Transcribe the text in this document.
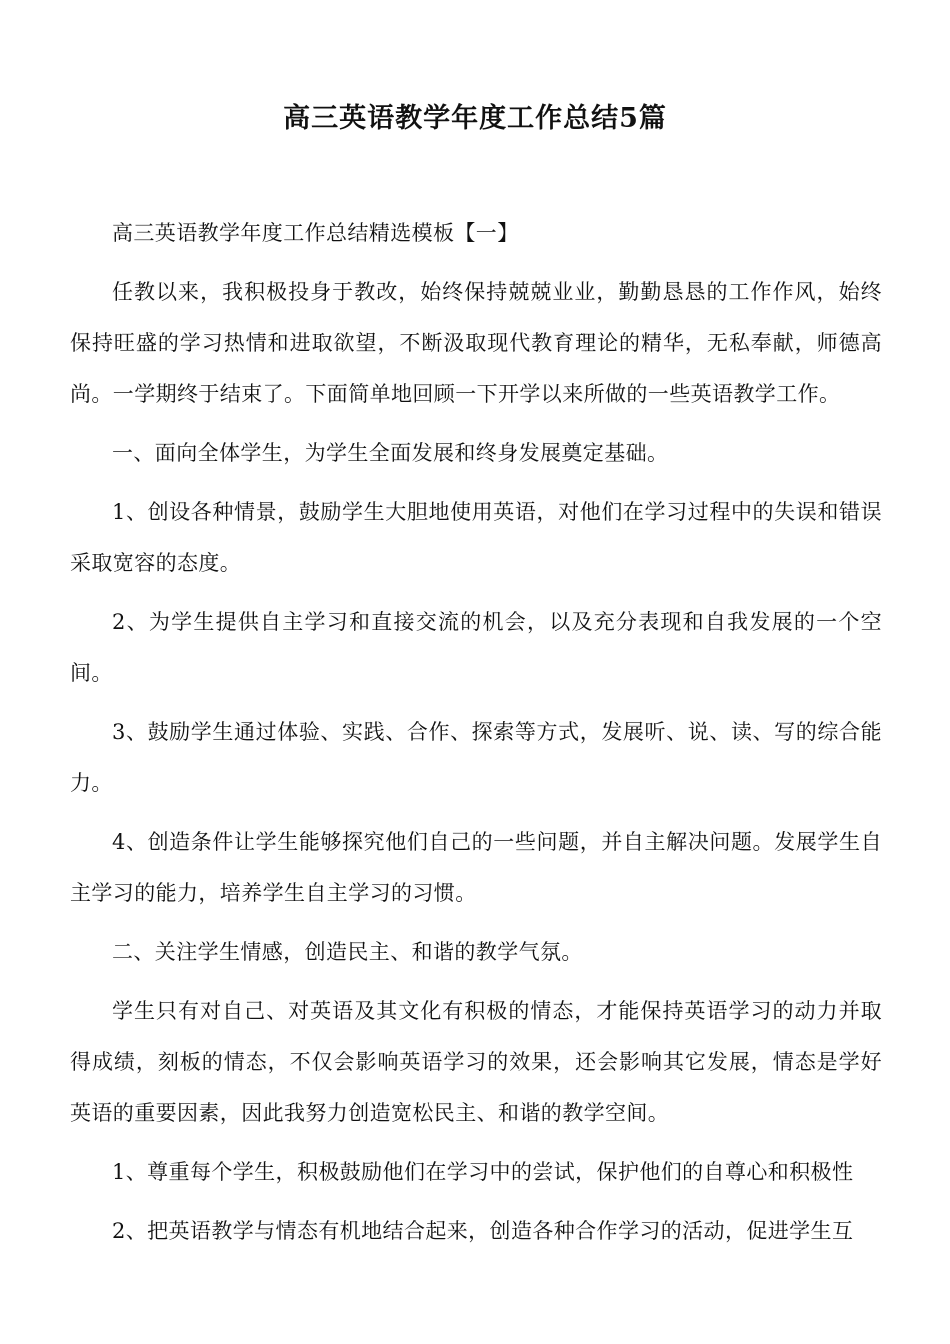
高三英语教学年度工作总结5篇

高三英语教学年度工作总结精选模板【一】

任教以来，我积极投身于教改，始终保持兢兢业业，勤勤恳恳的工作作风，始终保持旺盛的学习热情和进取欲望，不断汲取现代教育理论的精华，无私奉献，师德高尚。一学期终于结束了。下面简单地回顾一下开学以来所做的一些英语教学工作。

一、面向全体学生，为学生全面发展和终身发展奠定基础。

1、创设各种情景，鼓励学生大胆地使用英语，对他们在学习过程中的失误和错误采取宽容的态度。

2、为学生提供自主学习和直接交流的机会，以及充分表现和自我发展的一个空间。

3、鼓励学生通过体验、实践、合作、探索等方式，发展听、说、读、写的综合能力。

4、创造条件让学生能够探究他们自己的一些问题，并自主解决问题。发展学生自主学习的能力，培养学生自主学习的习惯。

二、关注学生情感，创造民主、和谐的教学气氛。

学生只有对自己、对英语及其文化有积极的情态，才能保持英语学习的动力并取得成绩，刻板的情态，不仅会影响英语学习的效果，还会影响其它发展，情态是学好英语的重要因素，因此我努力创造宽松民主、和谐的教学空间。

1、尊重每个学生，积极鼓励他们在学习中的尝试，保护他们的自尊心和积极性

2、把英语教学与情态有机地结合起来，创造各种合作学习的活动，促进学生互
